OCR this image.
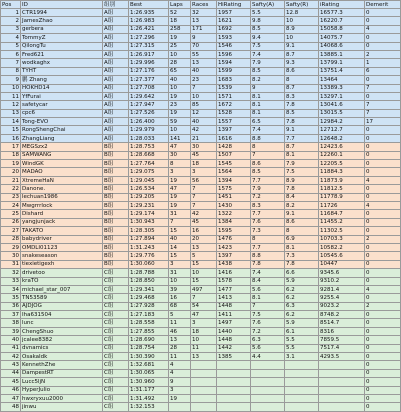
Pos	ID	组别	Best	Laps	Races	HiRating	Safty(A)	Safty(R)	iRating	Demerit
1	CTR1994	A组	1:26.935	52	32	1957	5.5	12.8	16577.3	0
2	JamesZhao	A组	1:26.983	18	13	1621	9.8	10	16220.7	0
3	gerbera	A组	1:26.421	258	171	1692	8.5	8.9	15058.8	4
4	TommyZ	A组	1:27.296	19	9	1593	9.4	10	14075.7	0
5	QilongTu	A组	1:27.315	25	70	1546	7.5	9.1	14068.6	0
6	Fred621	A组	1:26.917	10	55	1596	7.4	8.7	13885.1	2
7	wodkaghx	A组	1:29.996	28	13	1594	7.9	9.3	13799.1	1
8	TYHT	A组	1:27.176	65	40	1599	8.5	8.6	13751.4	6
9	鹏 Zhang	A组	1:27.377	40	23	1683	8.2	8	13464	0
10	HOKHD14	A组	1:27.708	10	7	1539	9	8.7	13389.3	7
11	YfFurai	A组	1:29.642	19	10	1571	8.1	8.3	13297.1	0
12	safetycar	A组	1:27.947	23	85	1672	8.1	7.8	13041.6	7
13	cpc6	A组	1:27.526	19	12	1528	8.1	8.5	13015.5	7
14	Tong-EVO	A组	1:26.400	59	40	1557	6.5	7.8	12984.2	17
15	RongShengChai	A组	1:29.979	10	42	1397	7.4	9.1	12712.7	0
16	ZhangLiang	A组	1:28.033	141	21	1616	8.8	7.7	12648.2	0
17	MEGSzx2	B组	1:28.753	47	30	1428	8	8.7	12423.6	0
18	SAMWANG	B组	1:28.668	30	45	1507	7	8.1	12260.1	0
19	WindGK	B组	1:27.764	8	18	1545	8.6	7.9	12205.5	0
20	MADAO	B组	1:29.075	3	3	1564	8.5	7.5	11884.3	0
21	XtremeHaN	B组	1:29.045	19	56	1394	7.7	8.9	11873.9	4
22	Danone.	B组	1:26.534	47	7	1575	7.9	7.8	11812.5	0
23	lechuan1986	B组	1:29.205	19	7	1451	7.2	8.4	11778.9	0
24	Mwgrrrlock	B组	1:29.231	19	7	1430	8.3	8.2	11726	4
25	Dishard	B组	1:29.174	31	42	1322	7.7	9.1	11684.7	0
26	yangjunjack	B组	1:30.943	7	45	1384	7.6	8.6	11455.2	0
27	TAKATO	B组	1:28.305	15	16	1595	7.3	8	11302.5	0
28	babydriver	B组	1:27.894	40	20	1476	8	6.9	10703.3	2
29	OMDLI01123	B组	1:31.243	14	13	1423	7.7	8.1	10582.2	0
30	snakeseason	B组	1:29.776	15	5	1397	8.8	7.3	10545.6	0
31	tiexietigexh	B组	1:30.060	3	15	1438	7.8	7.8	10447	0
32	drivetoo	C组	1:28.788	31	10	1416	7.4	6.6	9345.6	0
33	kraTO	C组	1:28.850	10	15	1578	8.4	5.9	9310.2	0
34	michael_star_007	C组	1:29.341	39	497	1477	5.6	6.2	9281.4	4
35	TN53589	C组	1:29.468	16	7	1413	8.1	6.2	9255.4	0
36	AJDJOG	C组	1:27.928	68	54	1448	7	6.3	9023.2	2
37	Iha631504	C组	1:27.183	5	47	1411	7.5	6.2	8748.2	0
38	lunc	C组	1:28.558	11	3	1497	7.6	5.9	8514.7	0
39	ChengShuo	C组	1:27.855	46	18	1440	7.2	6.1	8316	0
40	jcalee8382	C组	1:28.690	13	10	1448	6.3	5.5	7859.5	0
41	dvnamics	C组	1:28.754	28	11	1442	5.6	5.5	7517.4	0
42	OsakaIdk	C组	1:30.390	11	13	1385	4.4	3.1	4293.5	0
43	KennethZhe	C组	1:32.681	4						0
44	DampestRT	C组	1:30.065	4						0
45	Lucc5ljN	C组	1:30.960	9						0
46	HyperJulio	C组	1:31.177	3						0
47	hwxryxuu2000	C组	1:31.492	19						0
48	jinwu	C组	1:32.153							0
